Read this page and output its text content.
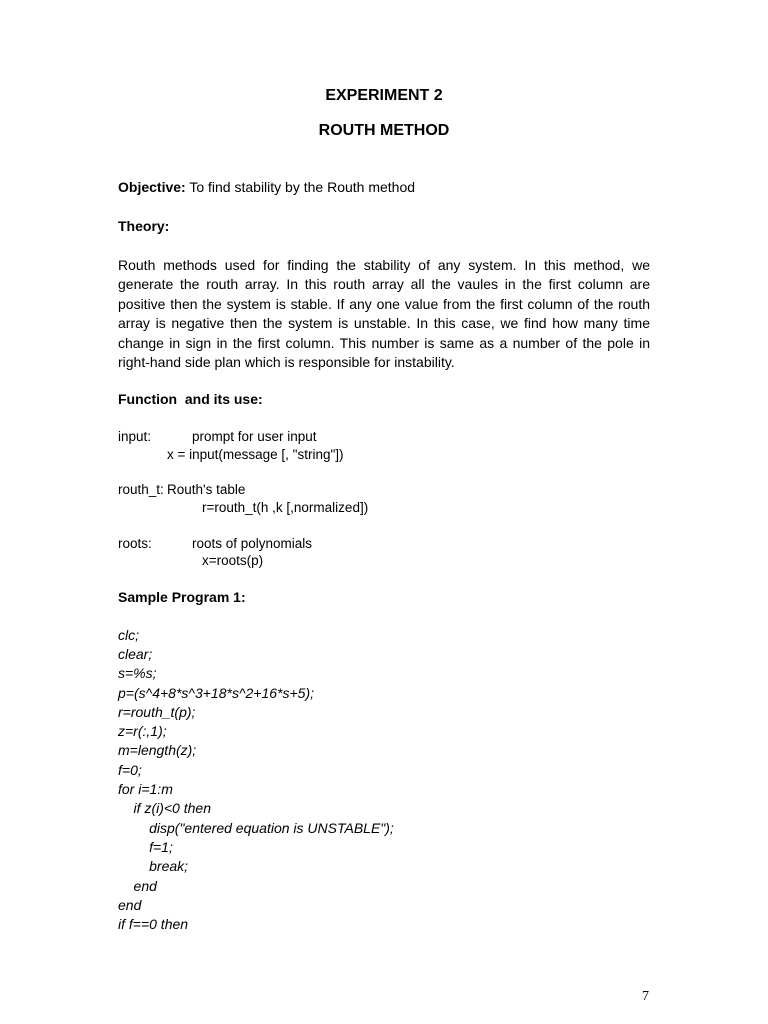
EXPERIMENT 2
ROUTH METHOD

Objective: To find stability by the Routh method

Theory:

Routh methods used for finding the stability of any system. In this method, we generate the routh array. In this routh array all the vaules in the first column are positive then the system is stable. If any one value from the first column of the routh array is negative then the system is unstable. In this case, we find how many time change in sign in the first column. This number is same as a number of the pole in right-hand side plan which is responsible for instability.

Function  and its use:

input:	prompt for user input
x = input(message [, "string"])
routh_t: Routh's table
r=routh_t(h ,k [,normalized])
roots:	roots of polynomials
x=roots(p)

Sample Program 1:

clc;

clear;

s=%s;

p=(s^4+8*s^3+18*s^2+16*s+5);

r=routh_t(p);

z=r(:,1);

m=length(z);

f=0;

for i=1:m

if z(i)<0 then

disp("entered equation is UNSTABLE");

f=1;

break;

end

end

if f==0 then

7
